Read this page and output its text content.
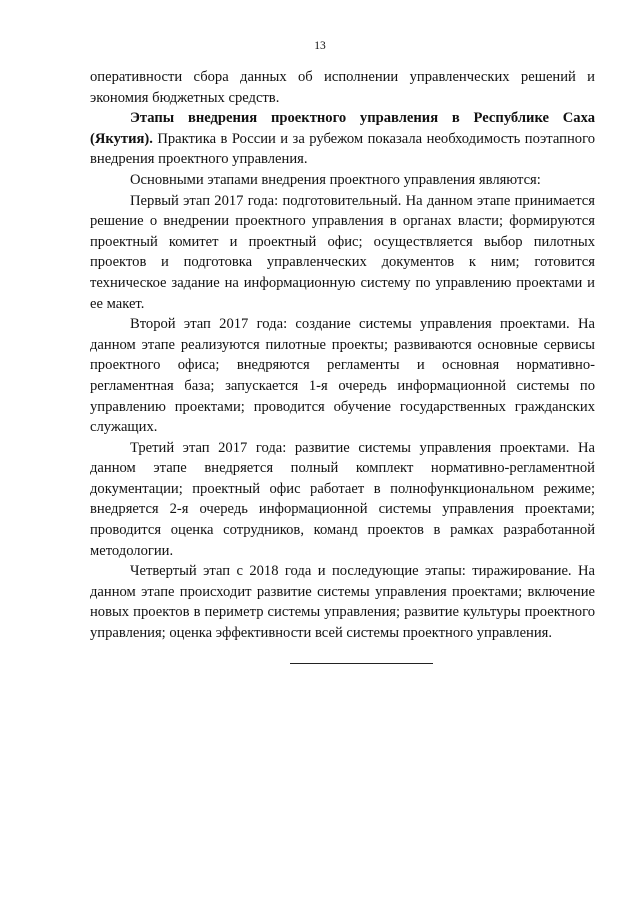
13

оперативности сбора данных об исполнении управленческих решений и экономия бюджетных средств.

Этапы внедрения проектного управления в Республике Саха (Якутия). Практика в России и за рубежом показала необходимость поэтапного внедрения проектного управления.

Основными этапами внедрения проектного управления являются:

Первый этап 2017 года: подготовительный. На данном этапе принимается решение о внедрении проектного управления в органах власти; формируются проектный комитет и проектный офис; осуществляется выбор пилотных проектов и подготовка управленческих документов к ним; готовится техническое задание на информационную систему по управлению проектами и ее макет.

Второй этап 2017 года: создание системы управления проектами. На данном этапе реализуются пилотные проекты; развиваются основные сервисы проектного офиса; внедряются регламенты и основная нормативно-регламентная база; запускается 1-я очередь информационной системы по управлению проектами; проводится обучение государственных гражданских служащих.

Третий этап 2017 года: развитие системы управления проектами. На данном этапе внедряется полный комплект нормативно-регламентной документации; проектный офис работает в полнофункциональном режиме; внедряется 2-я очередь информационной системы управления проектами; проводится оценка сотрудников, команд проектов в рамках разработанной методологии.

Четвертый этап с 2018 года и последующие этапы: тиражирование. На данном этапе происходит развитие системы управления проектами; включение новых проектов в периметр системы управления; развитие культуры проектного управления; оценка эффективности всей системы проектного управления.
